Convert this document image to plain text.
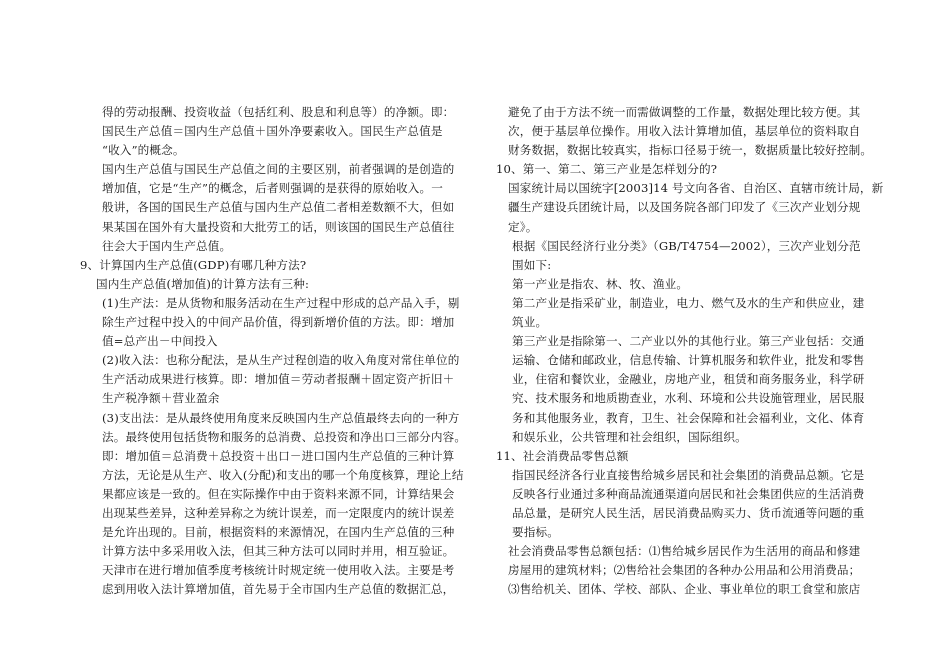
得的劳动报酬、投资收益（包括红利、股息和利息等）的净额。即：
国民生产总值＝国内生产总值＋国外净要素收入。国民生产总值是
“收入”的概念。
国内生产总值与国民生产总值之间的主要区别，前者强调的是创造的
增加值，它是“生产”的概念，后者则强调的是获得的原始收入。一
般讲，各国的国民生产总值与国内生产总值二者相差数额不大，但如
果某国在国外有大量投资和大批劳工的话，则该国的国民生产总值往
往会大于国内生产总值。
9、计算国内生产总值(GDP)有哪几种方法?
国内生产总值(增加值)的计算方法有三种:
(1)生产法：是从货物和服务活动在生产过程中形成的总产品入手，剔
除生产过程中投入的中间产品价值，得到新增价值的方法。即：增加
值=总产出－中间投入
(2)收入法：也称分配法，是从生产过程创造的收入角度对常住单位的
生产活动成果进行核算。即：增加值＝劳动者报酬＋固定资产折旧＋
生产税净额＋营业盈余
(3)支出法：是从最终使用角度来反映国内生产总值最终去向的一种方
法。最终使用包括货物和服务的总消费、总投资和净出口三部分内容。
即：增加值＝总消费＋总投资＋出口－进口国内生产总值的三种计算
方法，无论是从生产、收入(分配)和支出的哪一个角度核算，理论上结
果都应该是一致的。但在实际操作中由于资料来源不同，计算结果会
出现某些差异，这种差异称之为统计误差，而一定限度内的统计误差
是允许出现的。目前，根据资料的来源情况，在国内生产总值的三种
计算方法中多采用收入法，但其三种方法可以同时并用，相互验证。
天津市在进行增加值季度考核统计时规定统一使用收入法。主要是考
虑到用收入法计算增加值，首先易于全市国内生产总值的数据汇总，
避免了由于方法不统一而需做调整的工作量，数据处理比较方便。其
次，便于基层单位操作。用收入法计算增加值，基层单位的资料取自
财务数据，数据比较真实，指标口径易于统一，数据质量比较好控制。
10、第一、第二、第三产业是怎样划分的?
国家统计局以国统字[2003]14 号文向各省、自治区、直辖市统计局，新
疆生产建设兵团统计局，以及国务院各部门印发了《三次产业划分规
定》。
根据《国民经济行业分类》（GB/T4754—2002），三次产业划分范
围如下:
第一产业是指农、林、牧、渔业。
第二产业是指采矿业，制造业，电力、燃气及水的生产和供应业，建
筑业。
第三产业是指除第一、二产业以外的其他行业。第三产业包括：交通
运输、仓储和邮政业，信息传输、计算机服务和软件业，批发和零售
业，住宿和餐饮业，金融业，房地产业，租赁和商务服务业，科学研
究、技术服务和地质勘查业，水利、环境和公共设施管理业，居民服
务和其他服务业，教育，卫生、社会保障和社会福利业，文化、体育
和娱乐业，公共管理和社会组织，国际组织。
11、社会消费品零售总额
指国民经济各行业直接售给城乡居民和社会集团的消费品总额。它是
反映各行业通过多种商品流通渠道向居民和社会集团供应的生活消费
品总量，是研究人民生活，居民消费品购买力、货币流通等问题的重
要指标。
社会消费品零售总额包括：⑴售给城乡居民作为生活用的商品和修建
房屋用的建筑材料；⑵售给社会集团的各种办公用品和公用消费品；
⑶售给机关、团体、学校、部队、企业、事业单位的职工食堂和旅店
